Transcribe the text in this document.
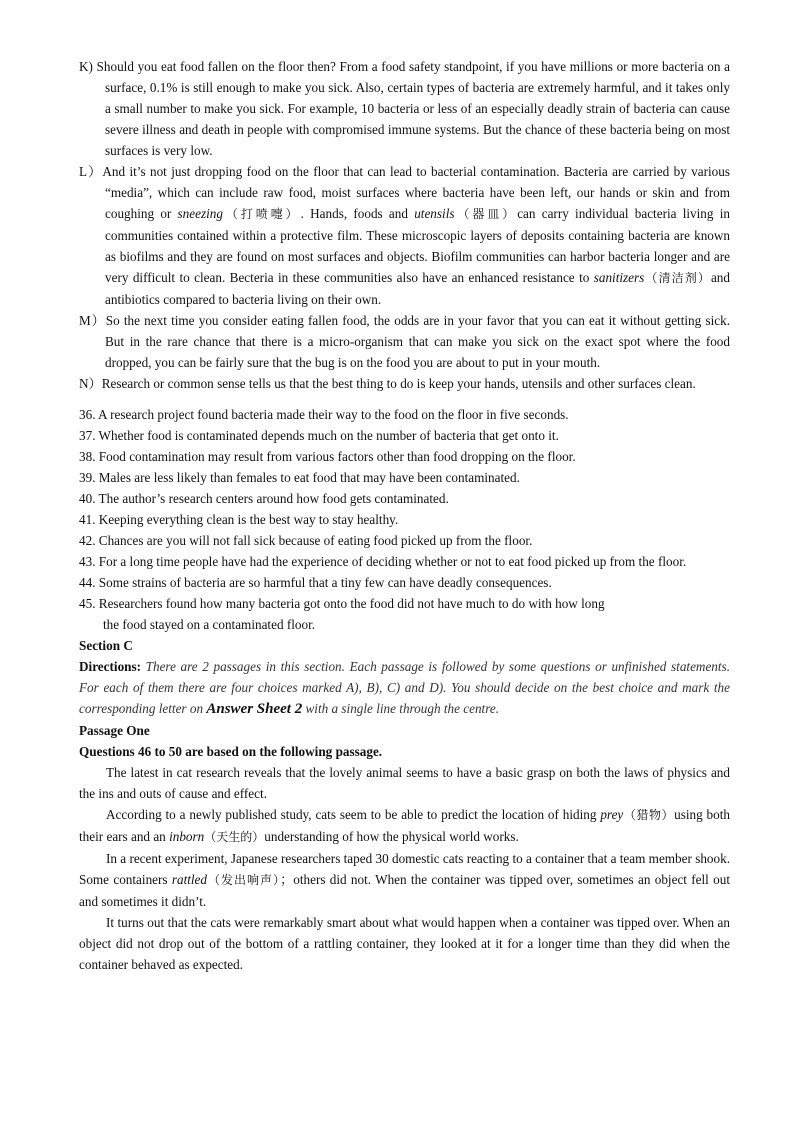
K) Should you eat food fallen on the floor then? From a food safety standpoint, if you have millions or more bacteria on a surface, 0.1% is still enough to make you sick. Also, certain types of bacteria are extremely harmful, and it takes only a small number to make you sick. For example, 10 bacteria or less of an especially deadly strain of bacteria can cause severe illness and death in people with compromised immune systems. But the chance of these bacteria being on most surfaces is very low.

L）And it’s not just dropping food on the floor that can lead to bacterial contamination. Bacteria are carried by various “media”, which can include raw food, moist surfaces where bacteria have been left, our hands or skin and from coughing or sneezing（打喷嚏）. Hands, foods and utensils（器皿）can carry individual bacteria living in communities contained within a protective film. These microscopic layers of deposits containing bacteria are known as biofilms and they are found on most surfaces and objects. Biofilm communities can harbor bacteria longer and are very difficult to clean. Becteria in these communities also have an enhanced resistance to sanitizers（清洁剂）and antibiotics compared to bacteria living on their own.

M）So the next time you consider eating fallen food, the odds are in your favor that you can eat it without getting sick. But in the rare chance that there is a micro-organism that can make you sick on the exact spot where the food dropped, you can be fairly sure that the bug is on the food you are about to put in your mouth.

N）Research or common sense tells us that the best thing to do is keep your hands, utensils and other surfaces clean.

36. A research project found bacteria made their way to the food on the floor in five seconds.

37. Whether food is contaminated depends much on the number of bacteria that get onto it.

38. Food contamination may result from various factors other than food dropping on the floor.

39. Males are less likely than females to eat food that may have been contaminated.

40. The author’s research centers around how food gets contaminated.

41. Keeping everything clean is the best way to stay healthy.

42. Chances are you will not fall sick because of eating food picked up from the floor.

43. For a long time people have had the experience of deciding whether or not to eat food picked up from the floor.

44. Some strains of bacteria are so harmful that a tiny few can have deadly consequences.

45. Researchers found how many bacteria got onto the food did not have much to do with how long
the food stayed on a contaminated floor.

Section C

Directions: There are 2 passages in this section. Each passage is followed by some questions or unfinished statements. For each of them there are four choices marked A), B), C) and D). You should decide on the best choice and mark the corresponding letter on Answer Sheet 2 with a single line through the centre.

Passage One

Questions 46 to 50 are based on the following passage.

The latest in cat research reveals that the lovely animal seems to have a basic grasp on both the laws of physics and the ins and outs of cause and effect.

According to a newly published study, cats seem to be able to predict the location of hiding prey（猎物）using both their ears and an inborn（天生的）understanding of how the physical world works.

In a recent experiment, Japanese researchers taped 30 domestic cats reacting to a container that a team member shook. Some containers rattled（发出响声）；others did not. When the container was tipped over, sometimes an object fell out and sometimes it didn’t.

It turns out that the cats were remarkably smart about what would happen when a container was tipped over. When an object did not drop out of the bottom of a rattling container, they looked at it for a longer time than they did when the container behaved as expected.
